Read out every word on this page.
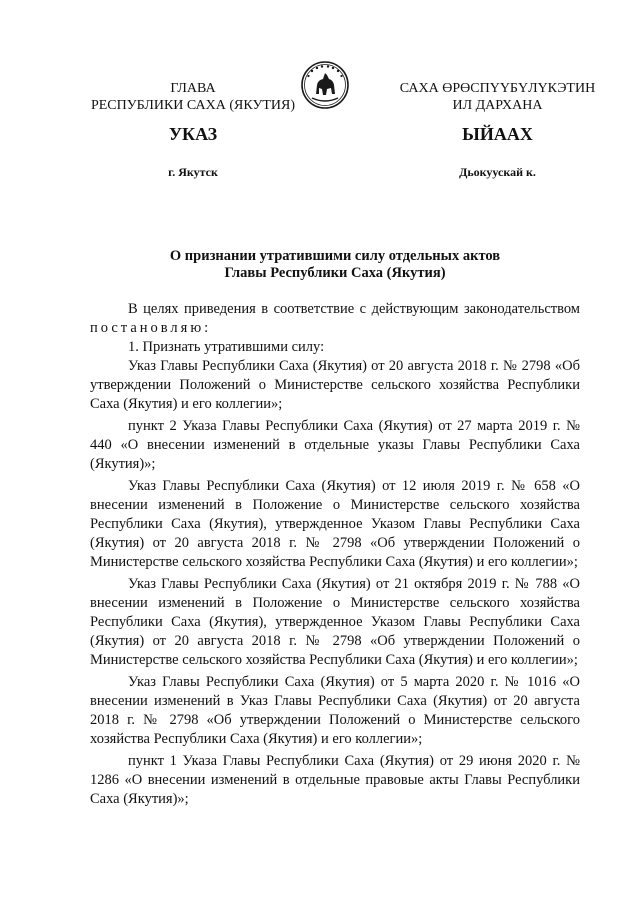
ГЛАВА
РЕСПУБЛИКИ САХА (ЯКУТИЯ)
САХА ӨРӨСПҮҮБҮЛҮКЭТИН
ИЛ ДАРХАНА
УКАЗ	ЫЙААХ
г. Якутск	Дьокуускай к.
О признании утратившими силу отдельных актов
Главы Республики Саха (Якутия)

В целях приведения в соответствие с действующим законодательством постановляю:

1. Признать утратившими силу:

Указ Главы Республики Саха (Якутия) от 20 августа 2018 г. № 2798 «Об утверждении Положений о Министерстве сельского хозяйства Республики Саха (Якутия) и его коллегии»;

пункт 2 Указа Главы Республики Саха (Якутия) от 27 марта 2019 г. № 440 «О внесении изменений в отдельные указы Главы Республики Саха (Якутия)»;

Указ Главы Республики Саха (Якутия) от 12 июля 2019 г. № 658 «О внесении изменений в Положение о Министерстве сельского хозяйства Республики Саха (Якутия), утвержденное Указом Главы Республики Саха (Якутия) от 20 августа 2018 г. № 2798 «Об утверждении Положений о Министерстве сельского хозяйства Республики Саха (Якутия) и его коллегии»;

Указ Главы Республики Саха (Якутия) от 21 октября 2019 г. № 788 «О внесении изменений в Положение о Министерстве сельского хозяйства Республики Саха (Якутия), утвержденное Указом Главы Республики Саха (Якутия) от 20 августа 2018 г. № 2798 «Об утверждении Положений о Министерстве сельского хозяйства Республики Саха (Якутия) и его коллегии»;

Указ Главы Республики Саха (Якутия) от 5 марта 2020 г. № 1016 «О внесении изменений в Указ Главы Республики Саха (Якутия) от 20 августа 2018 г. № 2798 «Об утверждении Положений о Министерстве сельского хозяйства Республики Саха (Якутия) и его коллегии»;

пункт 1 Указа Главы Республики Саха (Якутия) от 29 июня 2020 г. № 1286 «О внесении изменений в отдельные правовые акты Главы Республики Саха (Якутия)»;
